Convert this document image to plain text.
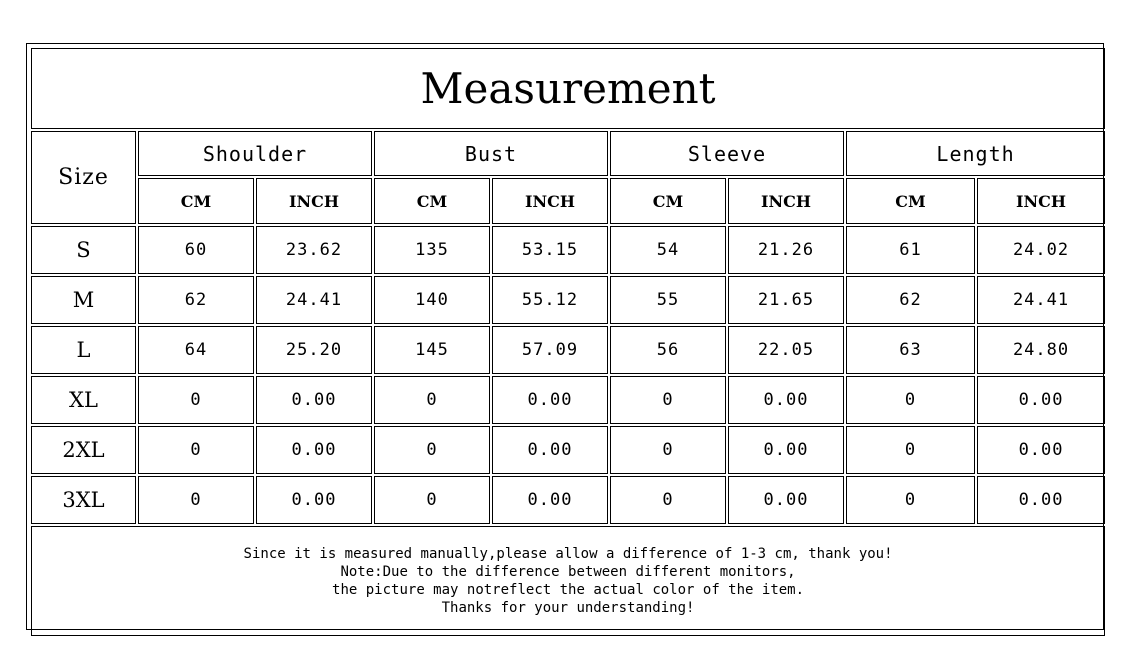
Measurement								
Size	Shoulder		Bust		Sleeve		Length	
	CM	INCH	CM	INCH	CM	INCH	CM	INCH
S	60	23.62	135	53.15	54	21.26	61	24.02
M	62	24.41	140	55.12	55	21.65	62	24.41
L	64	25.20	145	57.09	56	22.05	63	24.80
XL	0	0.00	0	0.00	0	0.00	0	0.00
2XL	0	0.00	0	0.00	0	0.00	0	0.00
3XL	0	0.00	0	0.00	0	0.00	0	0.00

Since it is measured manually,please allow a difference of 1-3 cm, thank you!
Note:Due to the difference between different monitors,
the picture may notreflect the actual color of the item.
Thanks for your understanding!								
